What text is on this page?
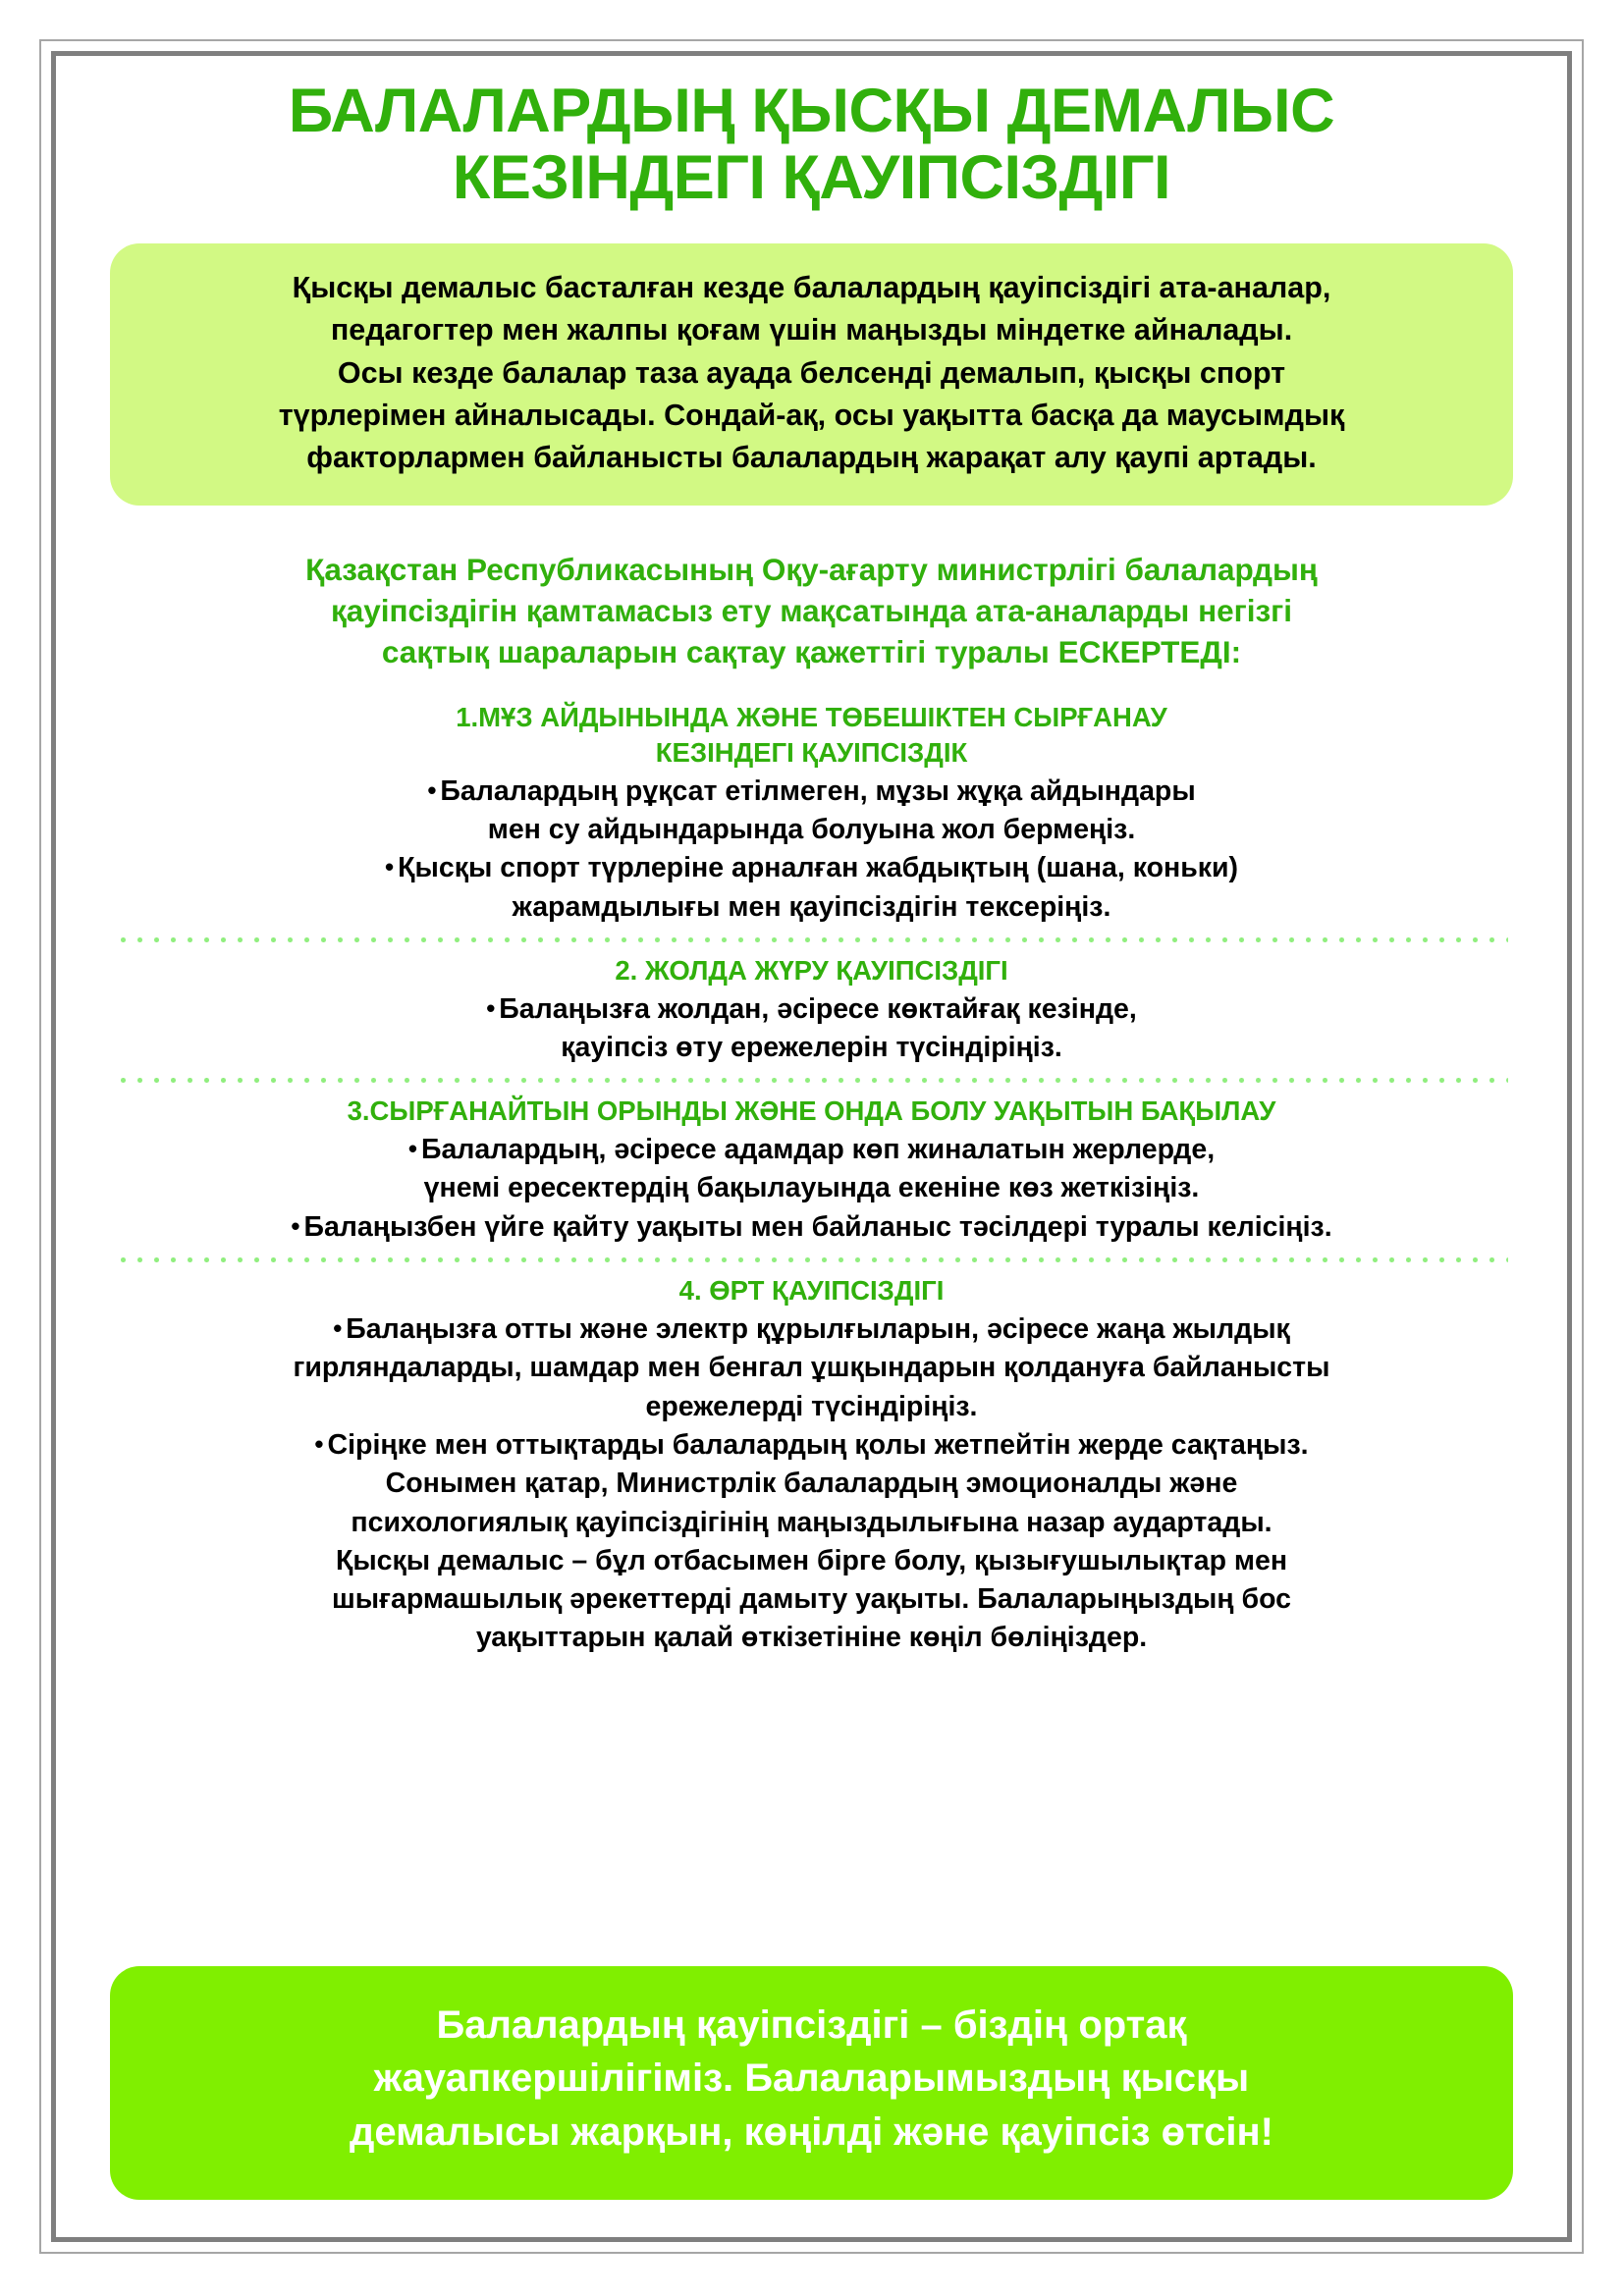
БАЛАЛАРДЫҢ ҚЫСҚЫ ДЕМАЛЫС
КЕЗІНДЕГІ ҚАУІПСІЗДІГІ

Қысқы демалыс басталған кезде балалардың қауіпсіздігі ата-аналар,
педагогтер мен жалпы қоғам үшін маңызды міндетке айналады.
Осы кезде балалар таза ауада белсенді демалып, қысқы спорт
түрлерімен айналысады. Сондай-ақ, осы уақытта басқа да маусымдық
факторлармен байланысты балалардың жарақат алу қаупі артады.

Қазақстан Республикасының Оқу-ағарту министрлігі балалардың
қауіпсіздігін қамтамасыз ету мақсатында ата-аналарды негізгі
сақтық шараларын сақтау қажеттігі туралы ЕСКЕРТЕДІ:
1.МҰЗ АЙДЫНЫНДА ЖӘНЕ ТӨБЕШІКТЕН СЫРҒАНАУ
КЕЗІНДЕГІ ҚАУІПСІЗДІК
• Балалардың рұқсат етілмеген, мұзы жұқа айдындары
мен су айдындарында болуына жол бермеңіз.
• Қысқы спорт түрлеріне арналған жабдықтың (шана, коньки)
жарамдылығы мен қауіпсіздігін тексеріңіз.
2. ЖОЛДА ЖҮРУ ҚАУІПСІЗДІГІ
• Балаңызға жолдан, әсіресе көктайғақ кезінде,
қауіпсіз өту ережелерін түсіндіріңіз.
3.СЫРҒАНАЙТЫН ОРЫНДЫ ЖӘНЕ ОНДА БОЛУ УАҚЫТЫН БАҚЫЛАУ
• Балалардың, әсіресе адамдар көп жиналатын жерлерде,
үнемі ересектердің бақылауында екеніне көз жеткізіңіз.
• Балаңызбен үйге қайту уақыты мен байланыс тәсілдері туралы келісіңіз.
4. ӨРТ ҚАУІПСІЗДІГІ
• Балаңызға отты және электр құрылғыларын, әсіресе жаңа жылдық
гирляндаларды, шамдар мен бенгал ұшқындарын қолдануға байланысты
ережелерді түсіндіріңіз.
• Сіріңке мен оттықтарды балалардың қолы жетпейтін жерде сақтаңыз.
Сонымен қатар, Министрлік балалардың эмоционалды және
психологиялық қауіпсіздігінің маңыздылығына назар аудартады.
Қысқы демалыс – бұл отбасымен бірге болу, қызығушылықтар мен
шығармашылық әрекеттерді дамыту уақыты. Балаларыңыздың бос
уақыттарын қалай өткізетініне көңіл бөліңіздер.

Балалардың қауіпсіздігі – біздің ортақ
жауапкершілігіміз. Балаларымыздың қысқы
демалысы жарқын, көңілді және қауіпсіз өтсін!
